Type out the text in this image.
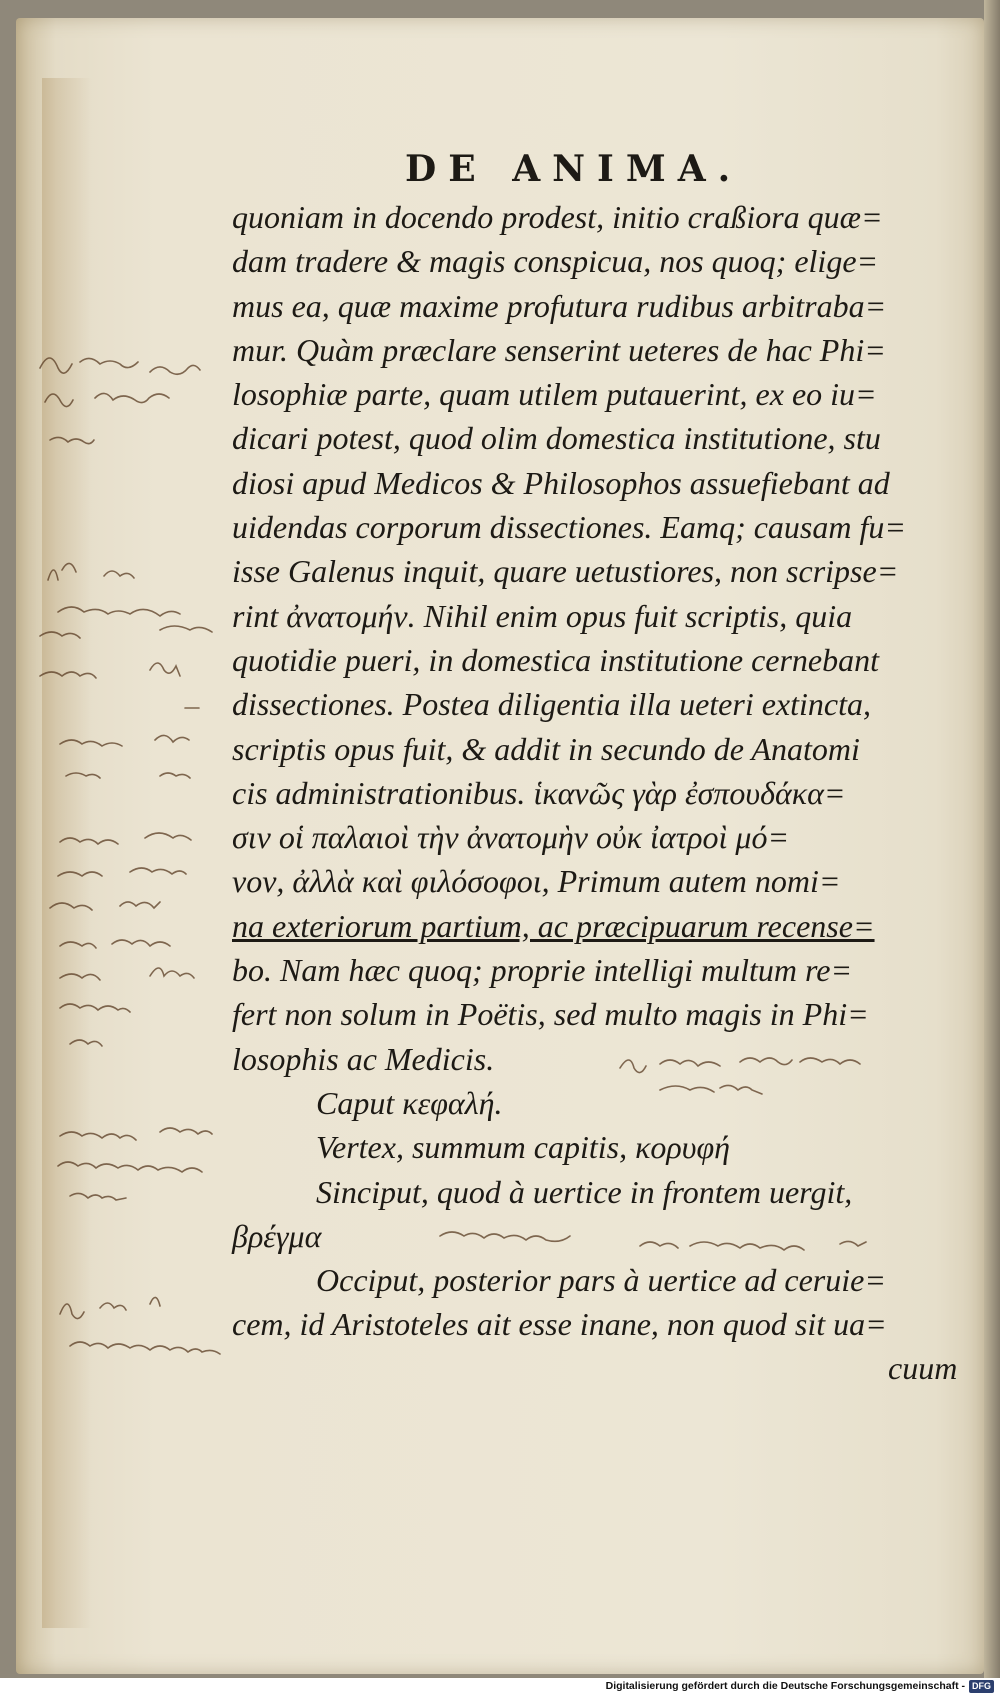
DE ANIMA.
quoniam in docendo prodest, initio craßiora quæ=
dam tradere & magis conspicua, nos quoq; elige=
mus ea, quæ maxime profutura rudibus arbitraba=
mur. Quàm præclare senserint ueteres de hac Phi=
losophiæ parte, quam utilem putauerint, ex eo iu=
dicari potest, quod olim domestica institutione, stu
diosi apud Medicos & Philosophos assuefiebant ad
uidendas corporum dissectiones. Eamq; causam fu=
isse Galenus inquit, quare uetustiores, non scripse=
rint ἀνατομήν. Nihil enim opus fuit scriptis, quia
quotidie pueri, in domestica institutione cernebant
dissectiones. Postea diligentia illa ueteri extincta,
scriptis opus fuit, & addit in secundo de Anatomi
cis administrationibus. ἱκανῶς γὰρ ἐσπουδάκα=
σιν οἱ παλαιοὶ τὴν ἀνατομὴν οὐκ ἰατροὶ μό=
νον, ἀλλὰ καὶ φιλόσοφοι, Primum autem nomi=
na exteriorum partium, ac præcipuarum recense=
bo. Nam hæc quoq; proprie intelligi multum re=
fert non solum in Poëtis, sed multo magis in Phi=
losophis ac Medicis.
Caput κεφαλή.
Vertex, summum capitis, κορυφή
Sinciput, quod à uertice in frontem uergit,
βρέγμα
Occiput, posterior pars à uertice ad ceruie=
cem, id Aristoteles ait esse inane, non quod sit ua=
cuum
Digitalisierung gefördert durch die Deutsche Forschungsgemeinschaft - DFG
